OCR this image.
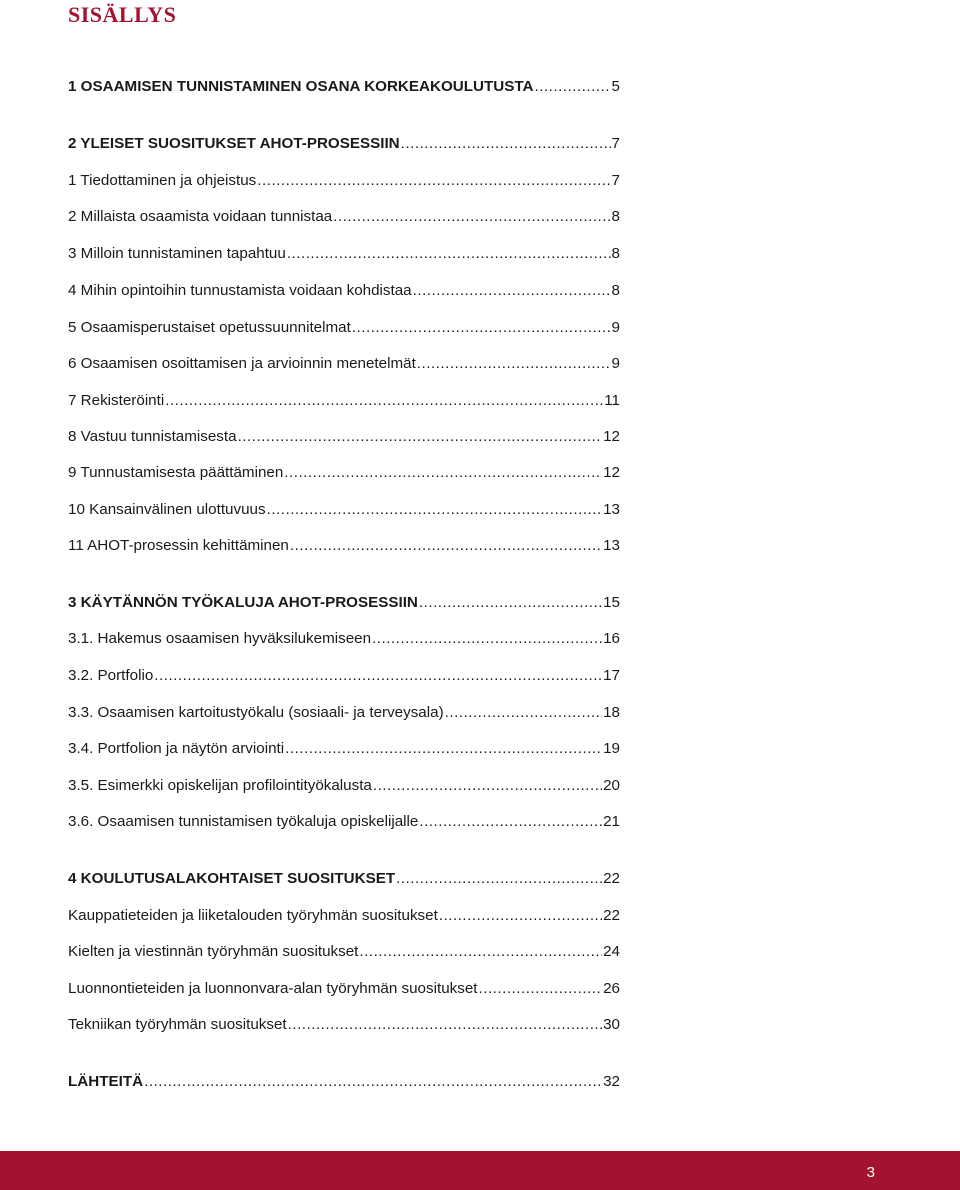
SISÄLLYS
1 OSAAMISEN TUNNISTAMINEN OSANA KORKEAKOULUTUSTA .....	5
2 YLEISET SUOSITUKSET AHOT-PROSESSIIN .....	7
1 Tiedottaminen ja ohjeistus .....	7
2 Millaista osaamista voidaan tunnistaa .....	8
3 Milloin tunnistaminen tapahtuu .....	8
4 Mihin opintoihin tunnustamista voidaan kohdistaa .....	8
5 Osaamisperustaiset opetussuunnitelmat .....	9
6 Osaamisen osoittamisen ja arvioinnin menetelmät .....	9
7 Rekisteröinti .....	11
8 Vastuu tunnistamisesta .....	12
9 Tunnustamisesta päättäminen .....	12
10 Kansainvälinen ulottuvuus .....	13
11 AHOT-prosessin kehittäminen .....	13
3 KÄYTÄNNÖN TYÖKALUJA AHOT-PROSESSIIN .....	15
3.1. Hakemus osaamisen hyväksilukemiseen .....	16
3.2. Portfolio .....	17
3.3. Osaamisen kartoitustyökalu (sosiaali- ja terveysala) .....	18
3.4. Portfolion ja näytön arviointi .....	19
3.5. Esimerkki opiskelijan profilointityökalusta .....	20
3.6. Osaamisen tunnistamisen työkaluja opiskelijalle .....	21
4 KOULUTUSALAKOHTAISET SUOSITUKSET .....	22
Kauppatieteiden ja liiketalouden työryhmän suositukset .....	22
Kielten ja viestinnän työryhmän suositukset .....	24
Luonnontieteiden ja luonnonvara-alan työryhmän suositukset .....	26
Tekniikan työryhmän suositukset .....	30
LÄHTEITÄ .....	32
3
